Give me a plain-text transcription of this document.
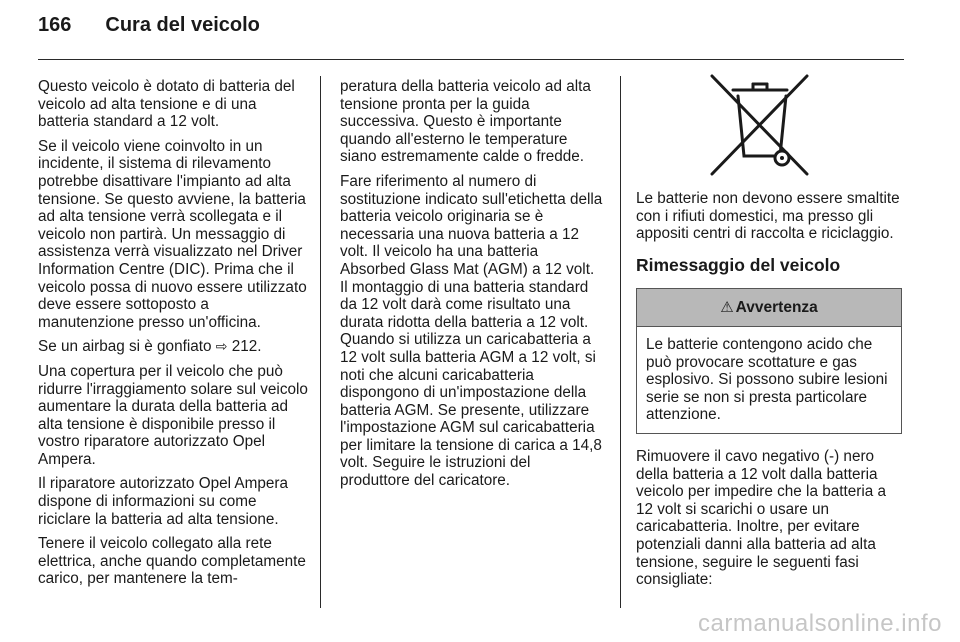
166 Cura del veicolo

Questo veicolo è dotato di batteria del veicolo ad alta tensione e di una batteria standard a 12 volt.

Se il veicolo viene coinvolto in un incidente, il sistema di rilevamento potrebbe disattivare l'impianto ad alta tensione. Se questo avviene, la batteria ad alta tensione verrà scollegata e il veicolo non partirà. Un messaggio di assistenza verrà visualizzato nel Driver Information Centre (DIC). Prima che il veicolo possa di nuovo essere utilizzato deve essere sottoposto a manutenzione presso un'officina.

Se un airbag si è gonfiato ⇨ 212.

Una copertura per il veicolo che può ridurre l'irraggiamento solare sul veicolo aumentare la durata della batteria ad alta tensione è disponibile presso il vostro riparatore autorizzato Opel Ampera.

Il riparatore autorizzato Opel Ampera dispone di informazioni su come riciclare la batteria ad alta tensione.

Tenere il veicolo collegato alla rete elettrica, anche quando completamente carico, per mantenere la tem-

peratura della batteria veicolo ad alta tensione pronta per la guida successiva. Questo è importante quando all'esterno le temperature siano estremamente calde o fredde.

Fare riferimento al numero di sostituzione indicato sull'etichetta della batteria veicolo originaria se è necessaria una nuova batteria a 12 volt. Il veicolo ha una batteria Absorbed Glass Mat (AGM) a 12 volt. Il montaggio di una batteria standard da 12 volt darà come risultato una durata ridotta della batteria a 12 volt. Quando si utilizza un caricabatteria a 12 volt sulla batteria AGM a 12 volt, si noti che alcuni caricabatteria dispongono di un'impostazione della batteria AGM. Se presente, utilizzare l'impostazione AGM sul caricabatteria per limitare la tensione di carica a 14,8 volt. Seguire le istruzioni del produttore del caricatore.

Le batterie non devono essere smaltite con i rifiuti domestici, ma presso gli appositi centri di raccolta e riciclaggio.

Rimessaggio del veicolo
⚠ Avvertenza
Le batterie contengono acido che può provocare scottature e gas esplosivo. Si possono subire lesioni serie se non si presta particolare attenzione.

Rimuovere il cavo negativo (-) nero della batteria a 12 volt dalla batteria veicolo per impedire che la batteria a 12 volt si scarichi o usare un caricabatteria. Inoltre, per evitare potenziali danni alla batteria ad alta tensione, seguire le seguenti fasi consigliate:

carmanualsonline.info
